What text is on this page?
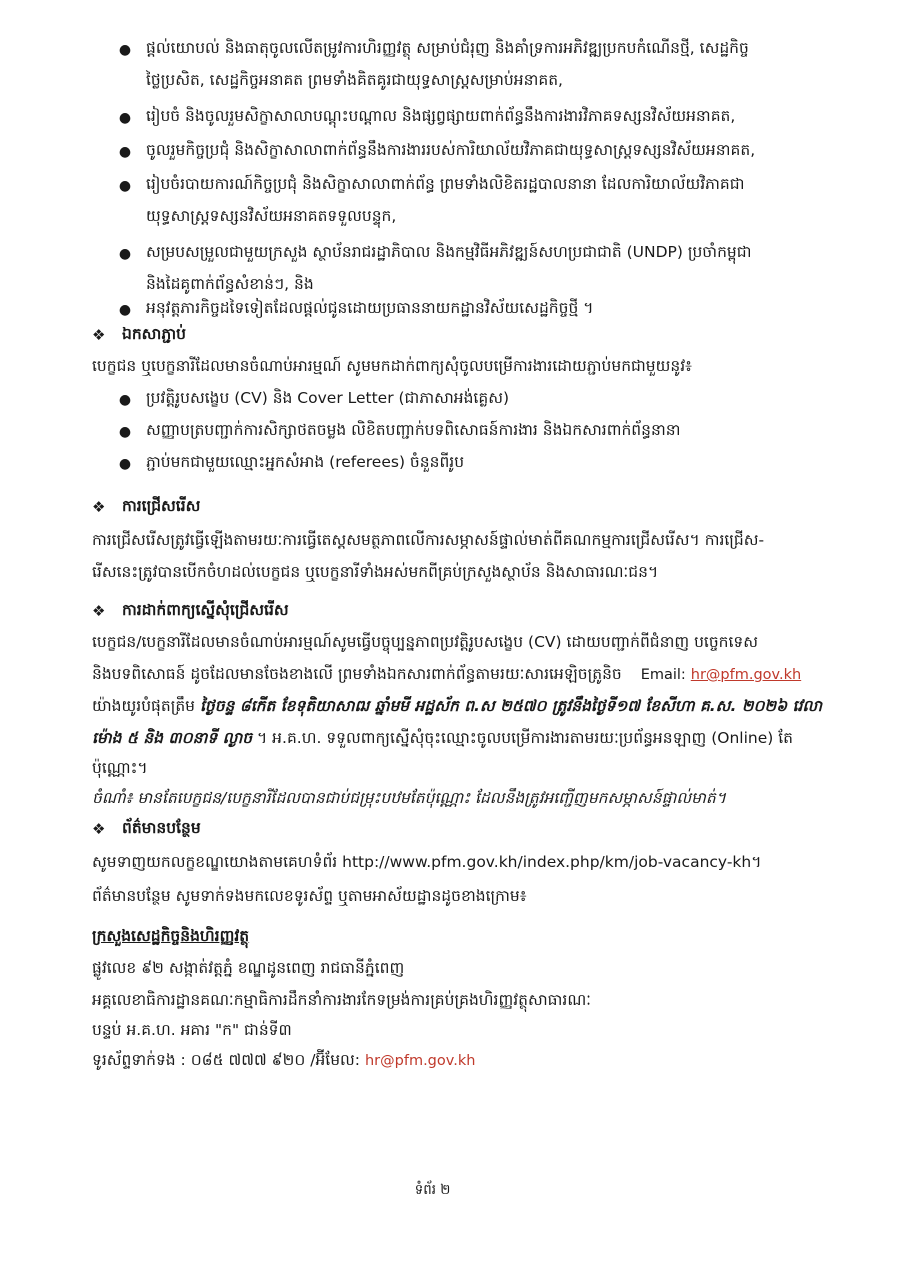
● ផ្តល់យោបល់ និងធាតុចូលលើតម្រូវការហិរញ្ញវត្ថុ សម្រាប់ជំរុញ និងគាំទ្រការអភិវឌ្ឍប្រកបកំណើនថ្មី, សេដ្ឋកិច្ច
ថៃ្លប្រសិត, សេដ្ឋកិច្ចអនាគត ព្រមទាំងគិតគូរជាយុទ្ធសាស្ត្រសម្រាប់អនាគត,
● រៀបចំ និងចូលរួមសិក្ខាសាលាបណ្តុះបណ្តាល និងផ្សព្វផ្សាយពាក់ព័ន្ធនឹងការងារវិភាគទស្សនវិស័យអនាគត,
● ចូលរួមកិច្ចប្រជុំ និងសិក្ខាសាលាពាក់ព័ន្ធនឹងការងាររបស់ការិយាល័យវិភាគជាយុទ្ធសាស្ត្រទស្សនវិស័យអនាគត,
● រៀបចំរបាយការណ៍កិច្ចប្រជុំ និងសិក្ខាសាលាពាក់ព័ន្ធ ព្រមទាំងលិខិតរដ្ឋបាលនានា ដែលការិយាល័យវិភាគជា
យុទ្ធសាស្ត្រទស្សនវិស័យអនាគតទទួលបន្ទុក,
● សម្របសម្រួលជាមួយក្រសួង ស្ថាប័នរាជរដ្ឋាភិបាល និងកម្មវិធីអភិវឌ្ឍន៍សហប្រជាជាតិ (UNDP) ប្រចាំកម្ពុជា
និងដៃគូពាក់ព័ន្ធសំខាន់ៗ, និង
● អនុវត្តភារកិច្ចដទៃទៀតដែលផ្តល់ជូនដោយប្រធាននាយកដ្ឋានវិស័យសេដ្ឋកិច្ចថ្មី ។
❖ ឯកសាភ្ជាប់
បេក្ខជន ឬបេក្ខនារីដែលមានចំណាប់អារម្មណ៍ សូមមកដាក់ពាក្យសុំចូលបម្រើការងារដោយភ្ជាប់មកជាមួយនូវ៖
● ប្រវត្តិរូបសង្ខេប (CV) និង Cover Letter (ជាភាសាអង់គ្លេស)
● សញ្ញាបត្របញ្ជាក់ការសិក្សាថតចម្លង លិខិតបញ្ជាក់បទពិសោធន៍ការងារ និងឯកសារពាក់ព័ន្ធនានា
● ភ្ជាប់មកជាមួយឈ្មោះអ្នកសំអាង (referees) ចំនួនពីរូប
❖ ការជ្រើសរើស
ការជ្រើសរើសត្រូវធ្វើឡើងតាមរយៈការធ្វើតេស្តសមត្ថភាពលើការសម្ភាសន៍ផ្ទាល់មាត់ពីគណកម្មការជ្រើសរើស។ ការជ្រើស-
រើសនេះត្រូវបានបើកចំហដល់បេក្ខជន ឬបេក្ខនារីទាំងអស់មកពីគ្រប់ក្រសួងស្ថាប័ន និងសាធារណៈជន។
❖ ការដាក់ពាក្យស្នើសុំជ្រើសរើស
បេក្ខជន/បេក្ខនារីដែលមានចំណាប់អារម្មណ៍សូមធ្វើបច្ចុប្បន្នភាពប្រវត្តិរូបសង្ខេប (CV) ដោយបញ្ជាក់ពីជំនាញ បច្ចេកទេស
និងបទពិសោធន៍ ដូចដែលមានចែងខាងលើ ព្រមទាំងឯកសារពាក់ព័ន្ធតាមរយៈសារអេឡិចត្រូនិច Email: hr@pfm.gov.kh
យ៉ាងយូរបំផុតត្រឹម ថ្ងៃចន្ទ ៨កើត ខែទុតិយាសាឍ ឆ្នាំមមី អដ្ឋស័ក ព.ស ២៥៧០ ត្រូវនឹងថ្ងៃទី១៧ ខែសីហា គ.ស. ២០២៦ វេលា
ម៉ោង ៥ និង ៣០នាទី ល្ងាច ។ អ.គ.ហ. ទទួលពាក្យស្នើសុំចុះឈ្មោះចូលបម្រើការងារតាមរយៈប្រព័ន្ធអនឡាញ (Online) តែ
ប៉ុណ្ណោះ។
ចំណាំ៖ មានតែបេក្ខជន/បេក្ខនារីដែលបានជាប់ជម្រុះបឋមតែប៉ុណ្ណោះ ដែលនឹងត្រូវអញ្ជើញមកសម្ភាសន៍ផ្ទាល់មាត់។
❖ ព័ត៌មានបន្ថែម
សូមទាញយកលក្ខខណ្ឌយោងតាមគេហទំព័រ http://www.pfm.gov.kh/index.php/km/job-vacancy-kh។
ព័ត៌មានបន្ថែម សូមទាក់ទងមកលេខទូរស័ព្ទ ឬតាមអាស័យដ្ឋានដូចខាងក្រោម៖
ក្រសួងសេដ្ឋកិច្ចនិងហិរញ្ញវត្ថុ
ផ្លូវលេខ ៩២ សង្កាត់វត្តភ្នំ ខណ្ឌដូនពេញ រាជធានីភ្នំពេញ
អគ្គលេខាធិការដ្ឋានគណៈកម្មាធិការដឹកនាំការងារកែទម្រង់ការគ្រប់គ្រងហិរញ្ញវត្ថុសាធារណៈ
បន្ទប់ អ.គ.ហ. អគារ "ក" ជាន់ទី៣
ទូរស័ព្ទទាក់ទង : ០៨៥ ៧៧៧ ៩២០ /អ៊ីមែល: hr@pfm.gov.kh
ទំព័រ ២
